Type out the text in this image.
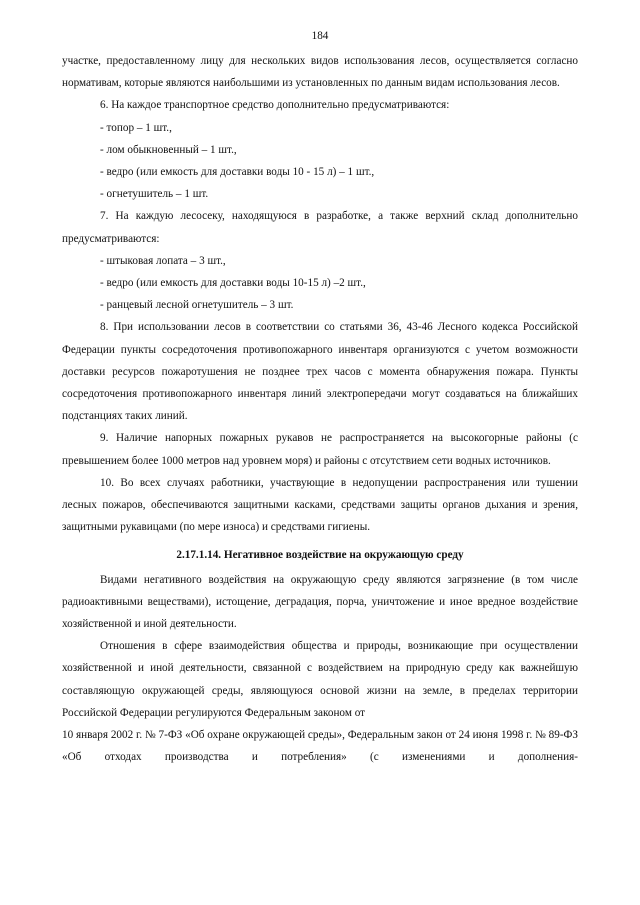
184

участке, предоставленному лицу для нескольких видов использования лесов, осуществляется согласно нормативам, которые являются наибольшими из установленных по данным видам использования лесов.

6. На каждое транспортное средство дополнительно предусматриваются:

- топор – 1 шт.,

- лом обыкновенный – 1 шт.,

- ведро (или емкость для доставки воды 10 - 15 л) – 1 шт.,

- огнетушитель – 1 шт.

7. На каждую лесосеку, находящуюся в разработке, а также верхний склад дополнительно предусматриваются:

- штыковая лопата – 3 шт.,

- ведро (или емкость для доставки воды 10-15 л) –2 шт.,

- ранцевый лесной огнетушитель – 3 шт.

8. При использовании лесов в соответствии со статьями 36, 43-46 Лесного кодекса Российской Федерации пункты сосредоточения противопожарного инвентаря организуются с учетом возможности доставки ресурсов пожаротушения не позднее трех часов с момента обнаружения пожара. Пункты сосредоточения противопожарного инвентаря линий электропередачи могут создаваться на ближайших подстанциях таких линий.

9. Наличие напорных пожарных рукавов не распространяется на высокогорные районы (с превышением более 1000 метров над уровнем моря) и районы с отсутствием сети водных источников.

10. Во всех случаях работники, участвующие в недопущении распространения или тушении лесных пожаров, обеспечиваются защитными касками, средствами защиты органов дыхания и зрения, защитными рукавицами (по мере износа) и средствами гигиены.

2.17.1.14. Негативное воздействие на окружающую среду

Видами негативного воздействия на окружающую среду являются загрязнение (в том числе радиоактивными веществами), истощение, деградация, порча, уничтожение и иное вредное воздействие хозяйственной и иной деятельности.

Отношения в сфере взаимодействия общества и природы, возникающие при осуществлении хозяйственной и иной деятельности, связанной с воздействием на природную среду как важнейшую составляющую окружающей среды, являющуюся основой жизни на земле, в пределах территории Российской Федерации регулируются Федеральным законом от

10 января 2002 г. № 7-ФЗ «Об охране окружающей среды», Федеральным закон от 24 июня 1998 г. № 89-ФЗ «Об отходах производства и потребления» (с изменениями и дополнения-
